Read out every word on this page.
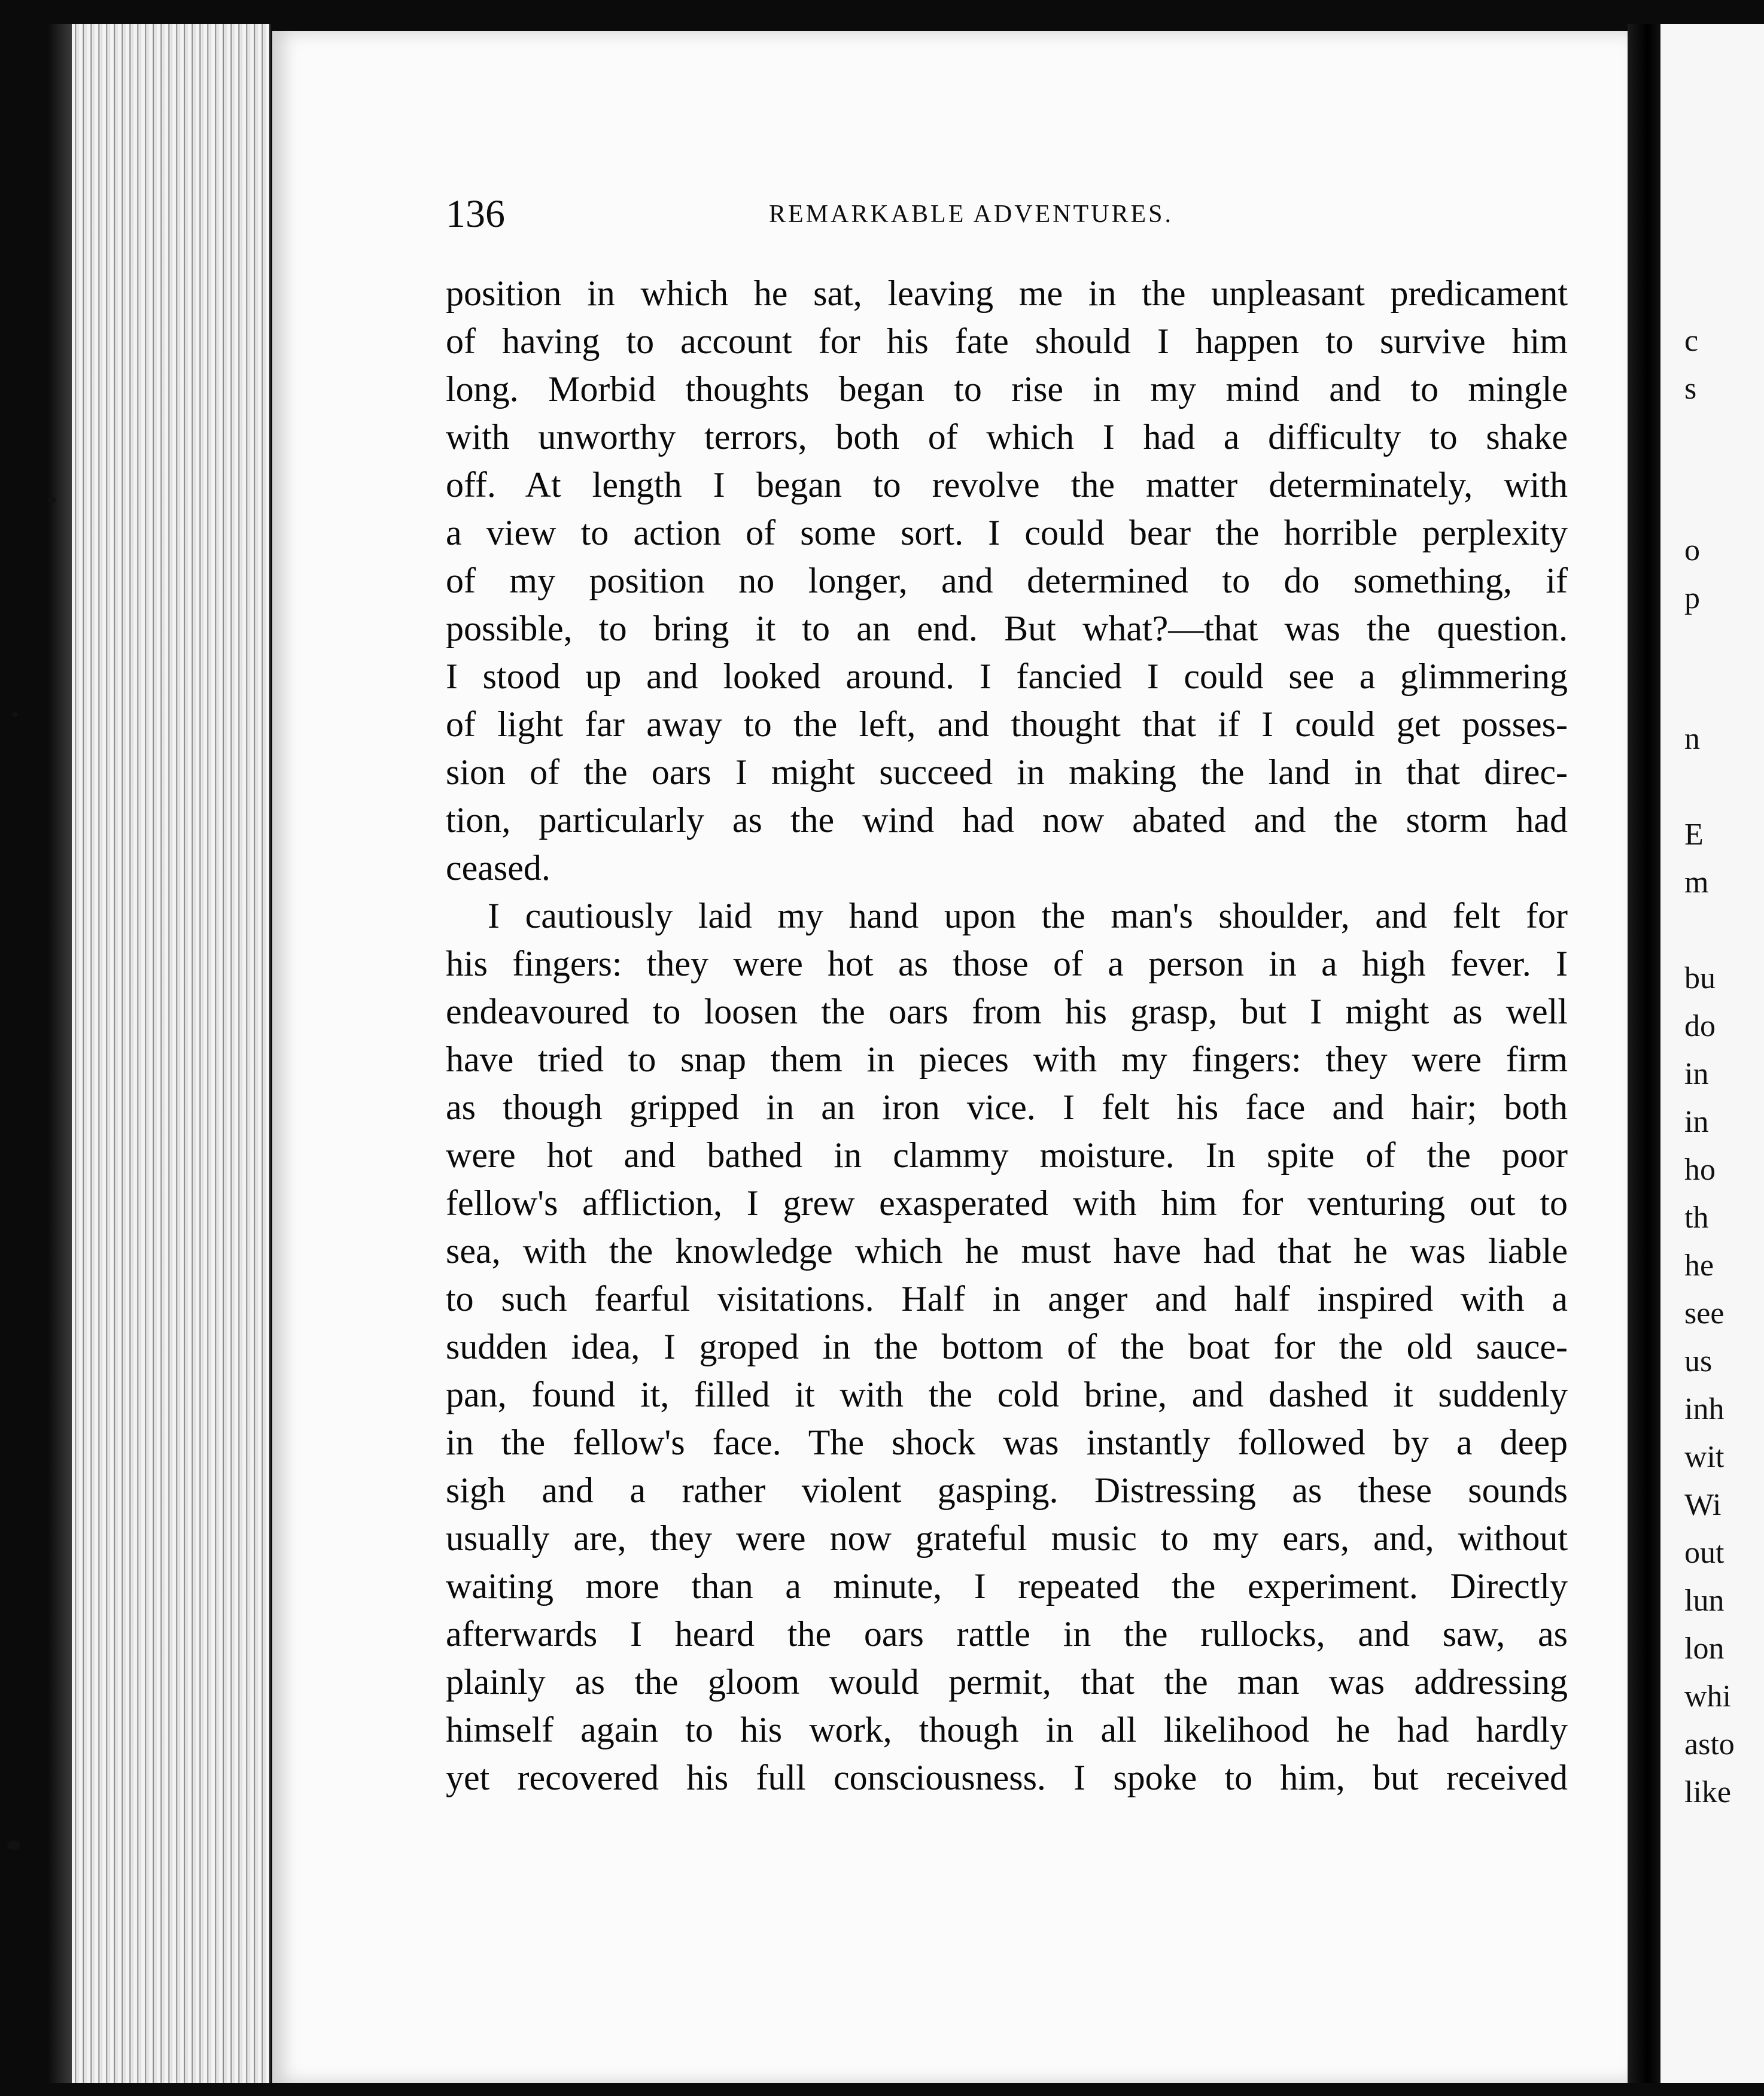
c
s
o
p
n
E
m
bu
do
in
in
ho
th
he
see
us
inh
wit
Wi
out
lun
lon
whi
asto
like
136	REMARKABLE ADVENTURES.
position in which he sat, leaving me in the unpleasant predicament
of having to account for his fate should I happen to survive him
long. Morbid thoughts began to rise in my mind and to mingle
with unworthy terrors, both of which I had a difficulty to shake
off. At length I began to revolve the matter determinately, with
a view to action of some sort. I could bear the horrible perplexity
of my position no longer, and determined to do something, if
possible, to bring it to an end. But what?—that was the question.
I stood up and looked around. I fancied I could see a glimmering
of light far away to the left, and thought that if I could get posses-
sion of the oars I might succeed in making the land in that direc-
tion, particularly as the wind had now abated and the storm had
ceased.
I cautiously laid my hand upon the man's shoulder, and felt for
his fingers: they were hot as those of a person in a high fever. I
endeavoured to loosen the oars from his grasp, but I might as well
have tried to snap them in pieces with my fingers: they were firm
as though gripped in an iron vice. I felt his face and hair; both
were hot and bathed in clammy moisture. In spite of the poor
fellow's affliction, I grew exasperated with him for venturing out to
sea, with the knowledge which he must have had that he was liable
to such fearful visitations. Half in anger and half inspired with a
sudden idea, I groped in the bottom of the boat for the old sauce-
pan, found it, filled it with the cold brine, and dashed it suddenly
in the fellow's face. The shock was instantly followed by a deep
sigh and a rather violent gasping. Distressing as these sounds
usually are, they were now grateful music to my ears, and, without
waiting more than a minute, I repeated the experiment. Directly
afterwards I heard the oars rattle in the rullocks, and saw, as
plainly as the gloom would permit, that the man was addressing
himself again to his work, though in all likelihood he had hardly
yet recovered his full consciousness. I spoke to him, but received
